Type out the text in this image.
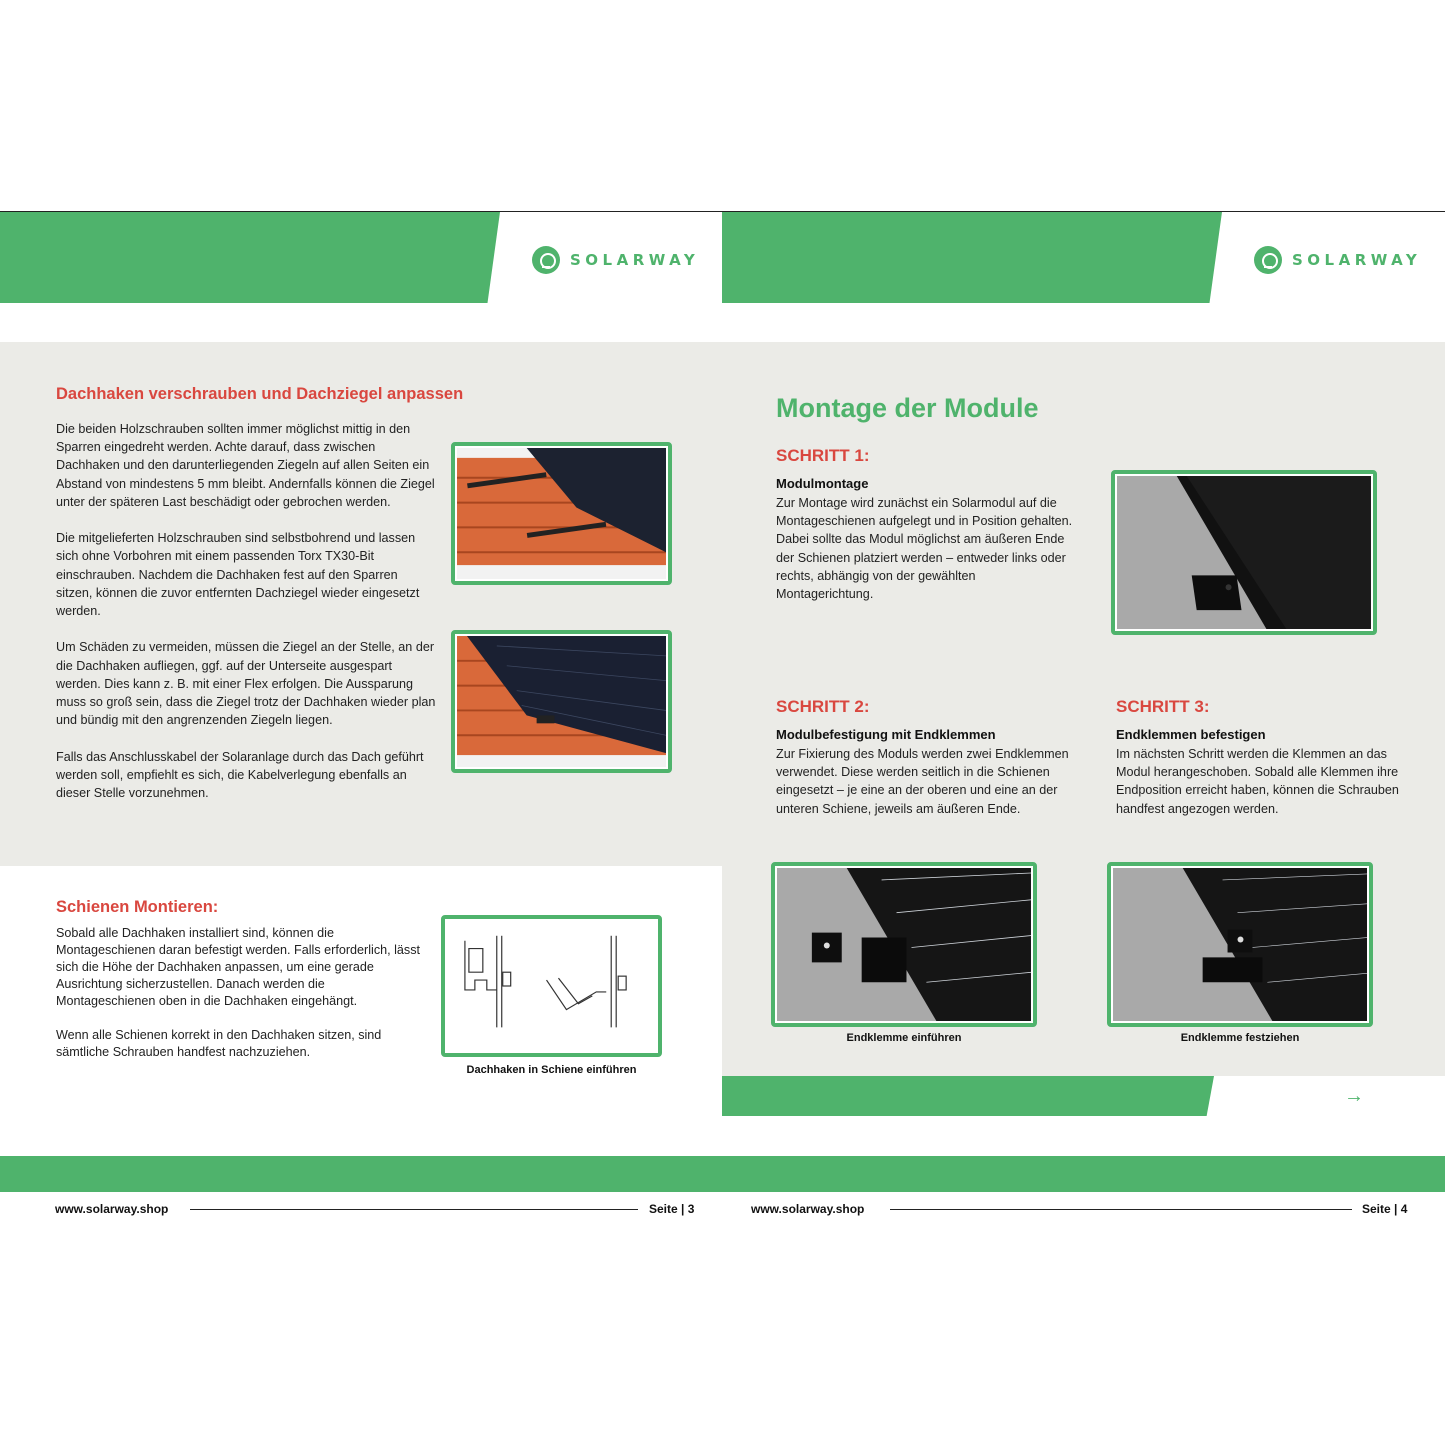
SOLARWAY
Dachhaken verschrauben und Dachziegel anpassen

Die beiden Holzschrauben sollten immer möglichst mittig in den Sparren eingedreht werden. Achte darauf, dass zwischen Dachhaken und den darunterliegenden Ziegeln auf allen Seiten ein Abstand von mindestens 5 mm bleibt. Andernfalls können die Ziegel unter der späteren Last beschädigt oder gebrochen werden.

Die mitgelieferten Holzschrauben sind selbstbohrend und lassen sich ohne Vorbohren mit einem passenden Torx TX30-Bit einschrauben. Nachdem die Dachhaken fest auf den Sparren sitzen, können die zuvor entfernten Dachziegel wieder eingesetzt werden.

Um Schäden zu vermeiden, müssen die Ziegel an der Stelle, an der die Dachhaken aufliegen, ggf. auf der Unterseite ausgespart werden. Dies kann z. B. mit einer Flex erfolgen. Die Aussparung muss so groß sein, dass die Ziegel trotz der Dachhaken wieder plan und bündig mit den angrenzenden Ziegeln liegen.

Falls das Anschlusskabel der Solaranlage durch das Dach geführt werden soll, empfiehlt es sich, die Kabelverlegung ebenfalls an dieser Stelle vorzunehmen.

Schienen Montieren:

Sobald alle Dachhaken installiert sind, können die Montageschienen daran befestigt werden. Falls erforderlich, lässt sich die Höhe der Dachhaken anpassen, um eine gerade Ausrichtung sicherzustellen. Danach werden die Montageschienen oben in die Dachhaken eingehängt.

Wenn alle Schienen korrekt in den Dachhaken sitzen, sind sämtliche Schrauben handfest nachzuziehen.

Dachhaken in Schiene einführen
www.solarway.shop	Seite | 3
SOLARWAY
Montage der Module
SCHRITT 1:
Modulmontage
Zur Montage wird zunächst ein Solarmodul auf die Montageschienen aufgelegt und in Position gehalten. Dabei sollte das Modul möglichst am äußeren Ende der Schienen platziert werden – entweder links oder rechts, abhängig von der gewählten Montagerichtung.
SCHRITT 2:
Modulbefestigung mit Endklemmen
Zur Fixierung des Moduls werden zwei Endklemmen verwendet. Diese werden seitlich in die Schienen eingesetzt – je eine an der oberen und eine an der unteren Schiene, jeweils am äußeren Ende.
SCHRITT 3:
Endklemmen befestigen
Im nächsten Schritt werden die Klemmen an das Modul herangeschoben. Sobald alle Klemmen ihre Endposition erreicht haben, können die Schrauben handfest angezogen werden.
Endklemme einführen	Endklemme festziehen
→
www.solarway.shop	Seite | 4
